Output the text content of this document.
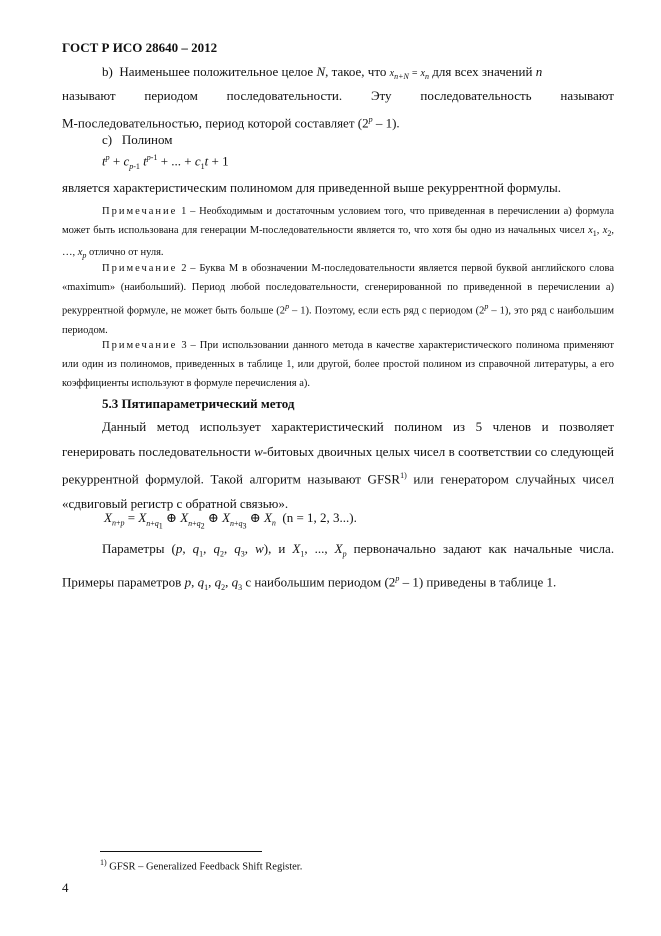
ГОСТ Р ИСО 28640 – 2012
b) Наименьшее положительное целое N, такое, что $x_{n+N} = x_n$ для всех значений n
называют периодом последовательности. Эту последовательность называют
М-последовательностью, период которой составляет (2$^p$ – 1).
c) Полином
$t^p + c_{p-1}$ $t^{p-1}$ + ... + $c_1t + 1$
является характеристическим полиномом для приведенной выше рекуррентной формулы.
Примечание 1 – Необходимым и достаточным условием того, что приведенная в перечислении а) формула может быть использована для генерации М-последовательности является то, что хотя бы одно из начальных чисел $x_1$, $x_2$, …, $x_p$ отлично от нуля.
Примечание 2 – Буква М в обозначении М-последовательности является первой буквой английского слова «maximum» (наибольший). Период любой последовательности, сгенерированной по приведенной в перечислении а) рекуррентной формуле, не может быть больше (2$^p$ – 1). Поэтому, если есть ряд с периодом (2$^p$ – 1), это ряд с наибольшим периодом.
Примечание 3 – При использовании данного метода в качестве характеристического полинома применяют или один из полиномов, приведенных в таблице 1, или другой, более простой полином из справочной литературы, а его коэффициенты используют в формуле перечисления а).
5.3 Пятипараметрический метод
Данный метод использует характеристический полином из 5 членов и позволяет генерировать последовательности w-битовых двоичных целых чисел в соответствии со следующей рекуррентной формулой. Такой алгоритм называют GFSR$^{1)}$ или генератором случайных чисел «сдвиговый регистр с обратной связью».
$X_{n+p} = X_{n+q_1}$ ⊕ $X_{n+q_2}$ ⊕ $X_{n+q_3}$ ⊕ $X_n$ (n = 1, 2, 3...).
Параметры (p, $q_1$, $q_2$, $q_3$, w), и $X_1$, ..., $X_p$ первоначально задают как начальные числа. Примеры параметров p, $q_1$, $q_2$, $q_3$ с наибольшим периодом (2$^p$ – 1) приведены в таблице 1.
$^{1)}$ GFSR – Generalized Feedback Shift Register.
4
